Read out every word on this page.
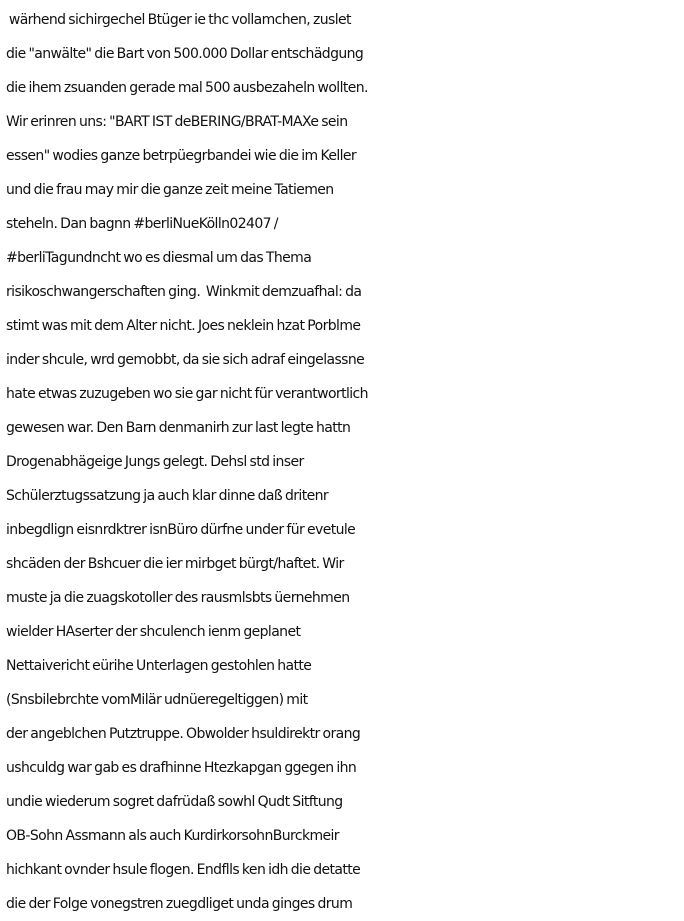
wärhend sichirgechel Btüger ie thc vollamchen, zuslet
die "anwälte" die Bart von 500.000 Dollar entschädgung
die ihem zsuanden gerade mal 500 ausbezaheln wollten.
Wir erinren uns: "BART IST deBERING/BRAT-MAXe sein
essen" wodies ganze betrpüegrbandei wie die im Keller
und die frau may mir die ganze zeit meine Tatiemen
steheln. Dan bagnn #berliNueKölln02407 /
#berliTagundncht wo es diesmal um das Thema
risikoschwangerschaften ging.  Winkmit demzuafhal: da
stimt was mit dem Alter nicht. Joes neklein hzat Porblme
inder shcule, wrd gemobbt, da sie sich adraf eingelassne
hate etwas zuzugeben wo sie gar nicht für verantwortlich
gewesen war. Den Barn denmanirh zur last legte hattn
Drogenabhägeige Jungs gelegt. Dehsl std inser
Schülerztugssatzung ja auch klar dinne daß dritenr
inbegdlign eisnrdktrer isnBüro dürfne under für evetule
shcäden der Bshcuer die ier mirbget bürgt/haftet. Wir
muste ja die zuagskotoller des rausmlsbts üernehmen
wielder HAserter der shculench ienm geplanet
Nettaivericht eürihe Unterlagen gestohlen hatte
(Snsbilebrchte vomMilär udnüeregeltiggen) mit
der angeblchen Putztruppe. Obwolder hsuldirektr orang
ushculdg war gab es drafhinne Htezkapgan ggegen ihn
undie wiederum sogret dafrüdaß sowhl Qudt Sitftung
OB-Sohn Assmann als auch KurdirkorsohnBurckmeir
hichkant ovnder hsule flogen. Endflls ken idh die detatte
die der Folge vonegstren zuegdliget unda ginges drum
